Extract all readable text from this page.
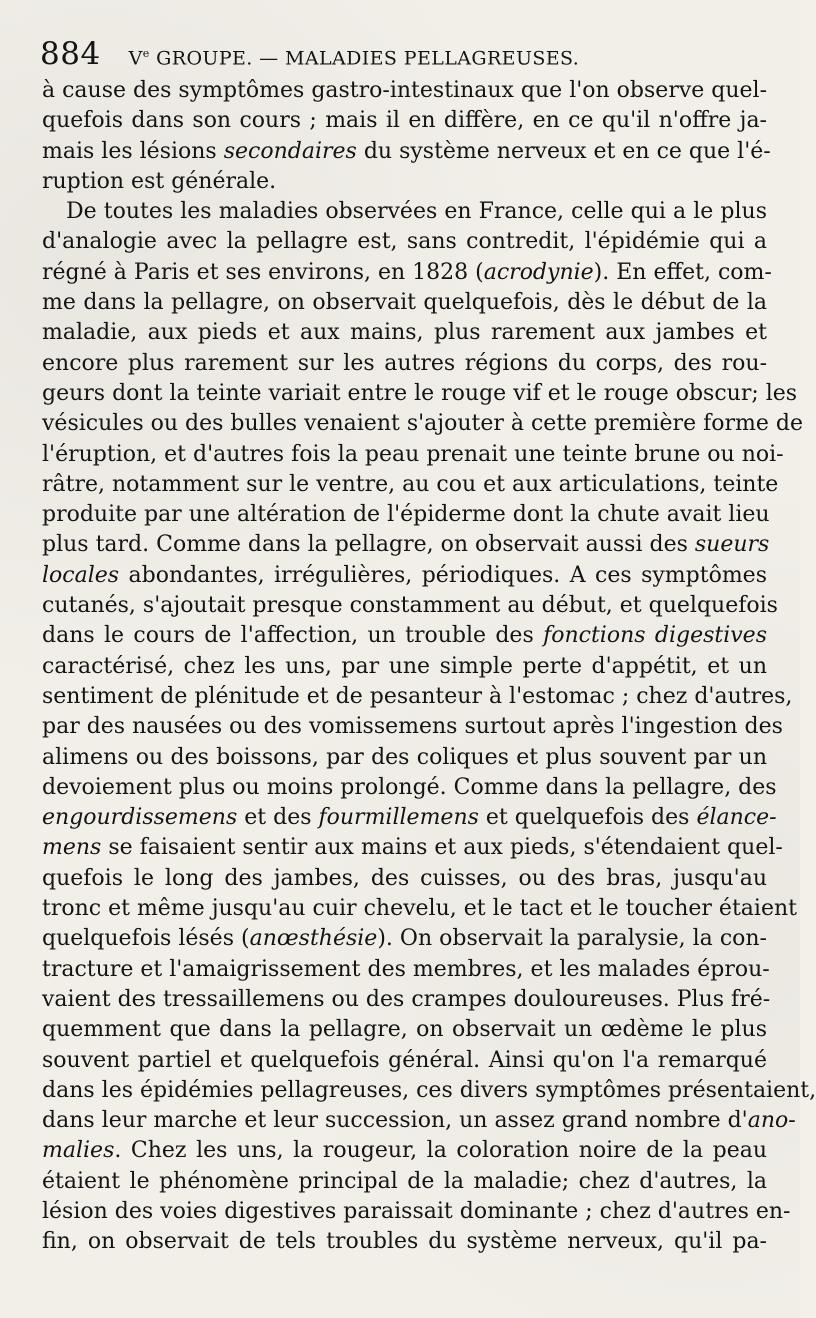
884 Ve GROUPE. — MALADIES PELLAGREUSES.
à cause des symptômes gastro-intestinaux que l'on observe quel-
quefois dans son cours ; mais il en diffère, en ce qu'il n'offre ja-
mais les lésions secondaires du système nerveux et en ce que l'é-
ruption est générale.
De toutes les maladies observées en France, celle qui a le plus
d'analogie avec la pellagre est, sans contredit, l'épidémie qui a
régné à Paris et ses environs, en 1828 (acrodynie). En effet, com-
me dans la pellagre, on observait quelquefois, dès le début de la
maladie, aux pieds et aux mains, plus rarement aux jambes et
encore plus rarement sur les autres régions du corps, des rou-
geurs dont la teinte variait entre le rouge vif et le rouge obscur; les
vésicules ou des bulles venaient s'ajouter à cette première forme de
l'éruption, et d'autres fois la peau prenait une teinte brune ou noi-
râtre, notamment sur le ventre, au cou et aux articulations, teinte
produite par une altération de l'épiderme dont la chute avait lieu
plus tard. Comme dans la pellagre, on observait aussi des sueurs
locales abondantes, irrégulières, périodiques. A ces symptômes
cutanés, s'ajoutait presque constamment au début, et quelquefois
dans le cours de l'affection, un trouble des fonctions digestives
caractérisé, chez les uns, par une simple perte d'appétit, et un
sentiment de plénitude et de pesanteur à l'estomac ; chez d'autres,
par des nausées ou des vomissemens surtout après l'ingestion des
alimens ou des boissons, par des coliques et plus souvent par un
devoiement plus ou moins prolongé. Comme dans la pellagre, des
engourdissemens et des fourmillemens et quelquefois des élance-
mens se faisaient sentir aux mains et aux pieds, s'étendaient quel-
quefois le long des jambes, des cuisses, ou des bras, jusqu'au
tronc et même jusqu'au cuir chevelu, et le tact et le toucher étaient
quelquefois lésés (anœsthésie). On observait la paralysie, la con-
tracture et l'amaigrissement des membres, et les malades éprou-
vaient des tressaillemens ou des crampes douloureuses. Plus fré-
quemment que dans la pellagre, on observait un œdème le plus
souvent partiel et quelquefois général. Ainsi qu'on l'a remarqué
dans les épidémies pellagreuses, ces divers symptômes présentaient,
dans leur marche et leur succession, un assez grand nombre d'ano-
malies. Chez les uns, la rougeur, la coloration noire de la peau
étaient le phénomène principal de la maladie; chez d'autres, la
lésion des voies digestives paraissait dominante ; chez d'autres en-
fin, on observait de tels troubles du système nerveux, qu'il pa-
